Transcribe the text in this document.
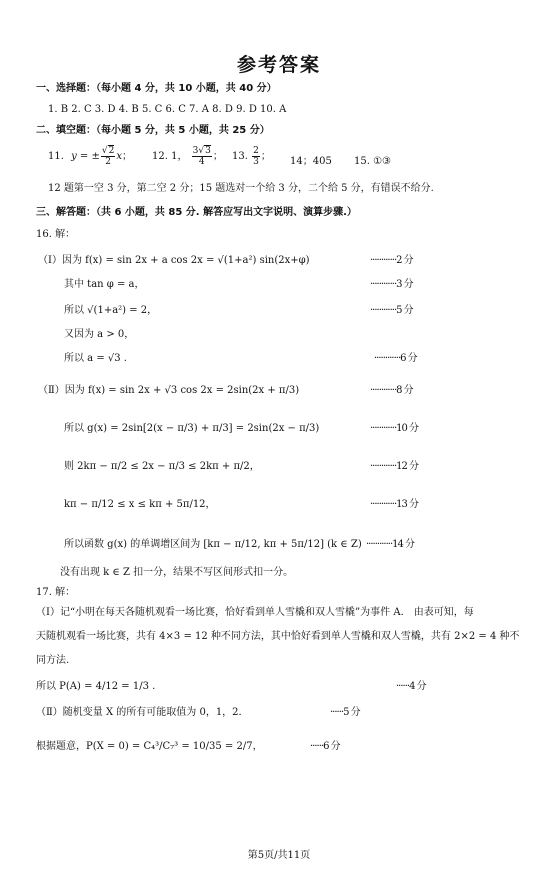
参考答案
一、选择题：（每小题 4 分，共 10 小题，共 40 分）
1. B 2. C 3. D 4. B 5. C 6. C 7. A 8. D 9. D 10. A
二、填空题：（每小题 5 分，共 5 小题，共 25 分）
11. y = ± $\frac{√2}{2}$ x； 12. 1， $\frac{3√3}{4}$ ； 13. $\frac{2}{3}$ ； 14；405 15. ①③
12 题第一空 3 分，第二空 2 分；15 题选对一个给 3 分，二个给 5 分，有错误不给分.
三、解答题：（共 6 小题，共 85 分. 解答应写出文字说明、演算步骤.）
16. 解：
（Ⅰ）因为 f(x) = sin 2x + a cos 2x = √(1+a²) sin(2x+φ)	············2 分
其中 tan φ = a，	············3 分
所以 √(1+a²) = 2，	············5 分
又因为 a > 0，
所以 a = √3 .	············6 分
（Ⅱ）因为 f(x) = sin 2x + √3 cos 2x = 2sin(2x + π/3)	············8 分
所以 g(x) = 2sin[2(x − π/3) + π/3] = 2sin(2x − π/3)	············10 分
则 2kπ − π/2 ≤ 2x − π/3 ≤ 2kπ + π/2，	············12 分
kπ − π/12 ≤ x ≤ kπ + 5π/12，	············13 分
所以函数 g(x) 的单调增区间为 [kπ − π/12, kπ + 5π/12] (k ∈ Z) ············14 分
没有出现 k ∈ Z 扣一分，结果不写区间形式扣一分。
17. 解：
（Ⅰ）记“小明在每天各随机观看一场比赛，恰好看到单人雪橇和双人雪橇”为事件 A． 由表可知，每
天随机观看一场比赛，共有 4×3 = 12 种不同方法，其中恰好看到单人雪橇和双人雪橇，共有 2×2 = 4 种不
同方法.
所以 P(A) = 4/12 = 1/3 .	······4 分
（Ⅱ）随机变量 X 的所有可能取值为 0，1，2．	······5 分
根据题意，P(X = 0) = C₄³/C₇³ = 10/35 = 2/7，	······6 分
第5页/共11页
